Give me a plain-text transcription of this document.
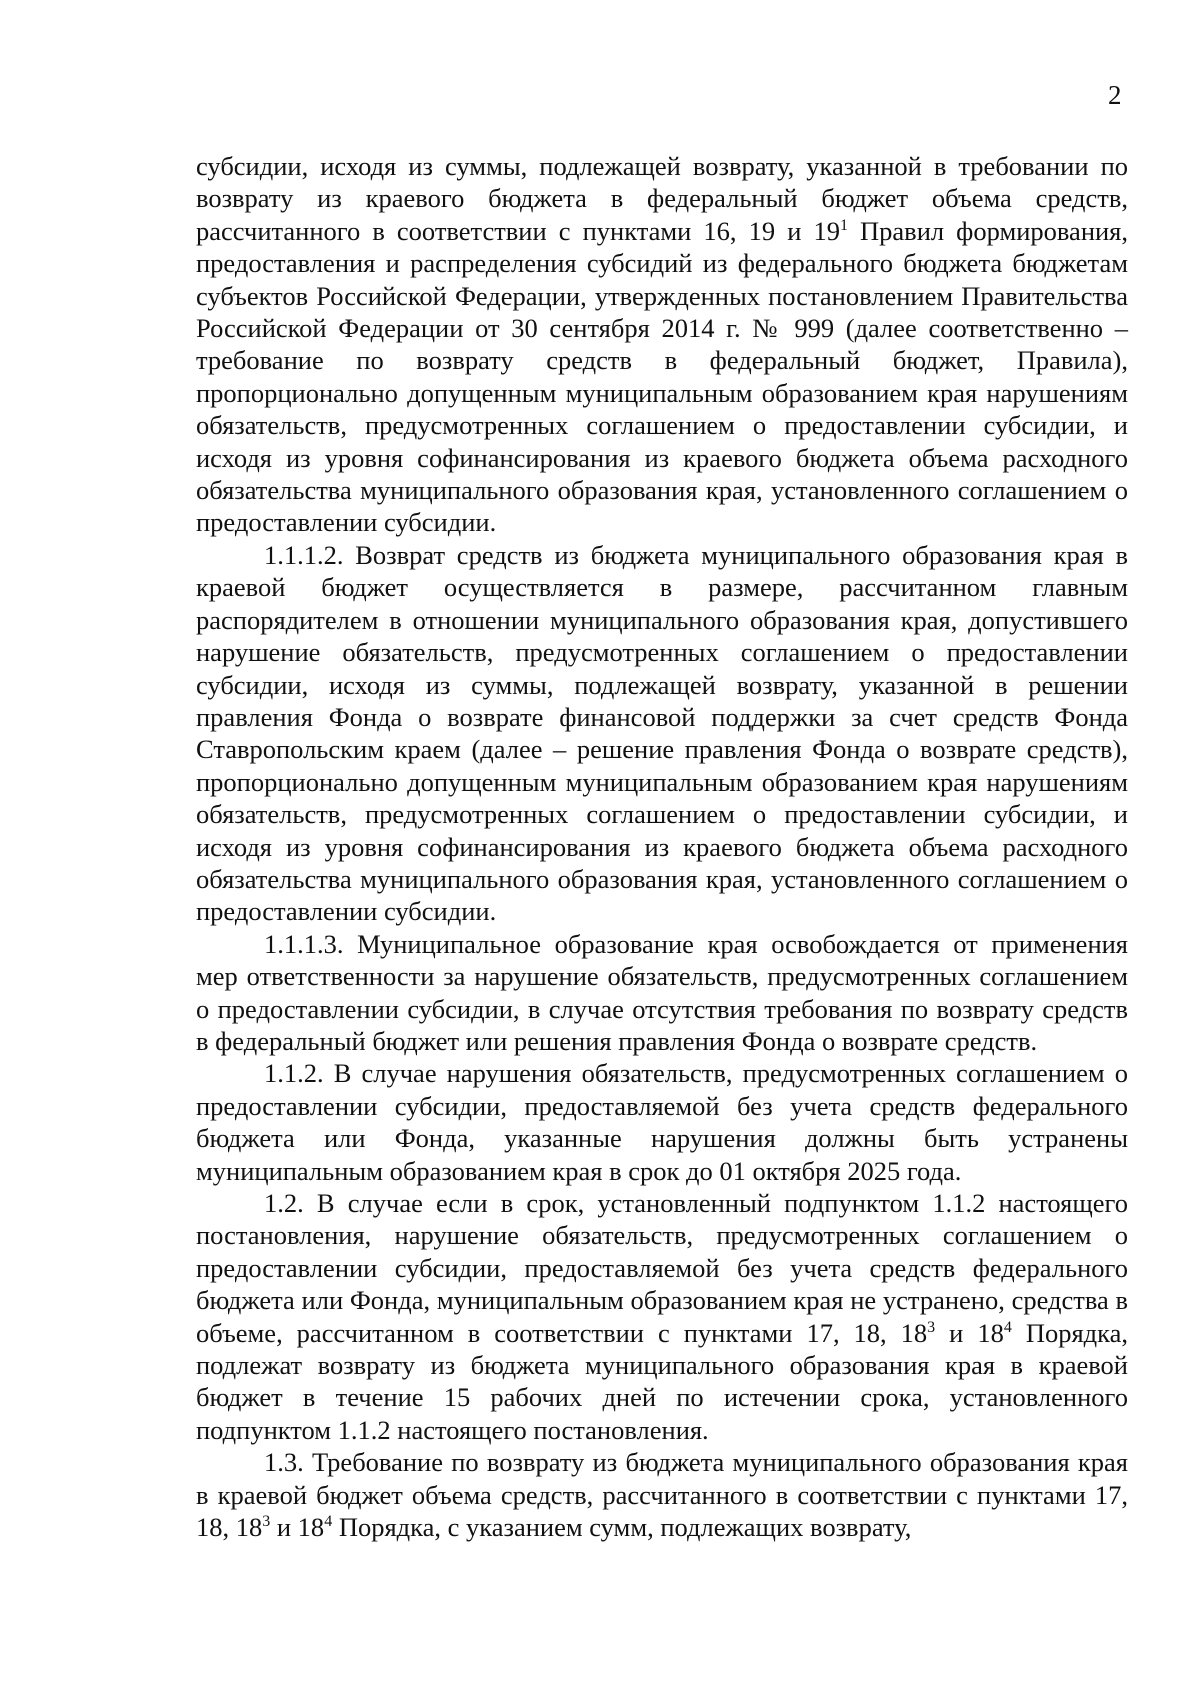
2

субсидии, исходя из суммы, подлежащей возврату, указанной в требовании по возврату из краевого бюджета в федеральный бюджет объема средств, рассчитанного в соответствии с пунктами 16, 19 и $19^1$ Правил формирования, предоставления и распределения субсидий из федерального бюджета бюджетам субъектов Российской Федерации, утвержденных постановлением Правительства Российской Федерации от 30 сентября 2014 г. № 999 (далее соответственно – требование по возврату средств в федеральный бюджет, Правила), пропорционально допущенным муниципальным образованием края нарушениям обязательств, предусмотренных соглашением о предоставлении субсидии, и исходя из уровня софинансирования из краевого бюджета объема расходного обязательства муниципального образования края, установленного соглашением о предоставлении субсидии.

1.1.1.2. Возврат средств из бюджета муниципального образования края в краевой бюджет осуществляется в размере, рассчитанном главным распорядителем в отношении муниципального образования края, допустившего нарушение обязательств, предусмотренных соглашением о предоставлении субсидии, исходя из суммы, подлежащей возврату, указанной в решении правления Фонда о возврате финансовой поддержки за счет средств Фонда Ставропольским краем (далее – решение правления Фонда о возврате средств), пропорционально допущенным муниципальным образованием края нарушениям обязательств, предусмотренных соглашением о предоставлении субсидии, и исходя из уровня софинансирования из краевого бюджета объема расходного обязательства муниципального образования края, установленного соглашением о предоставлении субсидии.

1.1.1.3. Муниципальное образование края освобождается от применения мер ответственности за нарушение обязательств, предусмотренных соглашением о предоставлении субсидии, в случае отсутствия требования по возврату средств в федеральный бюджет или решения правления Фонда о возврате средств.

1.1.2. В случае нарушения обязательств, предусмотренных соглашением о предоставлении субсидии, предоставляемой без учета средств федерального бюджета или Фонда, указанные нарушения должны быть устранены муниципальным образованием края в срок до 01 октября 2025 года.

1.2. В случае если в срок, установленный подпунктом 1.1.2 настоящего постановления, нарушение обязательств, предусмотренных соглашением о предоставлении субсидии, предоставляемой без учета средств федерального бюджета или Фонда, муниципальным образованием края не устранено, средства в объеме, рассчитанном в соответствии с пунктами 17, 18, $18^3$ и $18^4$ Порядка, подлежат возврату из бюджета муниципального образования края в краевой бюджет в течение 15 рабочих дней по истечении срока, установленного подпунктом 1.1.2 настоящего постановления.

1.3. Требование по возврату из бюджета муниципального образования края в краевой бюджет объема средств, рассчитанного в соответствии с пунктами 17, 18, $18^3$ и $18^4$ Порядка, с указанием сумм, подлежащих возврату,
